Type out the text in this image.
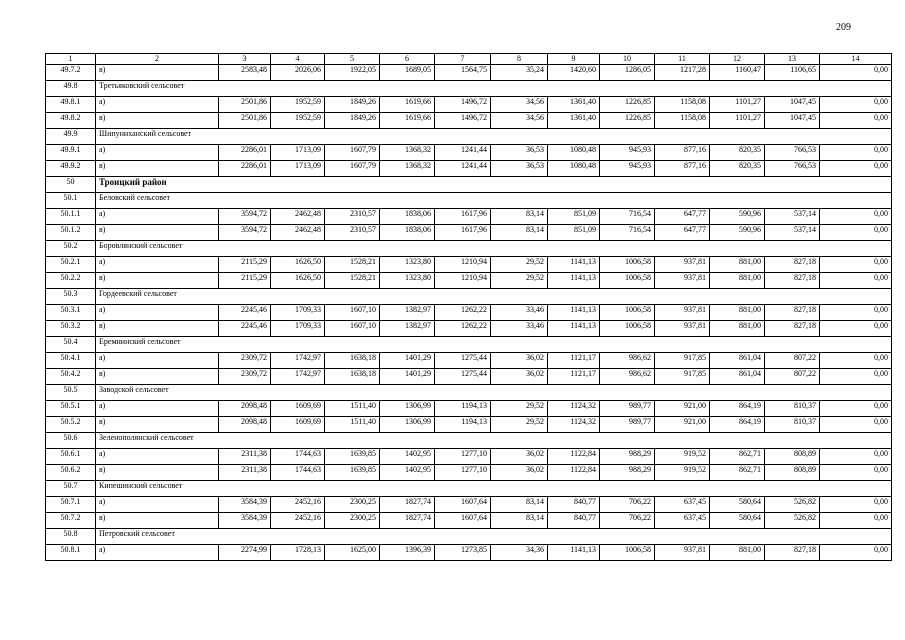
209
1	2	3	4	5	6	7	8	9	10	11	12	13	14
49.7.2	в)	2583,48	2026,06	1922,05	1689,05	1564,75	35,24	1420,60	1286,05	1217,28	1160,47	1106,65	0,00
49.8	Третьяковский сельсовет												
49.8.1	а)	2501,86	1952,59	1849,26	1619,66	1496,72	34,56	1361,40	1226,85	1158,08	1101,27	1047,45	0,00
49.8.2	в)	2501,86	1952,59	1849,26	1619,66	1496,72	34,56	1361,40	1226,85	1158,08	1101,27	1047,45	0,00
49.9	Шипуниханский сельсовет												
49.9.1	а)	2286,01	1713,09	1607,79	1368,32	1241,44	36,53	1080,48	945,93	877,16	820,35	766,53	0,00
49.9.2	в)	2286,01	1713,09	1607,79	1368,32	1241,44	36,53	1080,48	945,93	877,16	820,35	766,53	0,00
50	Троицкий район												
50.1	Беловский сельсовет												
50.1.1	а)	3594,72	2462,48	2310,57	1838,06	1617,96	83,14	851,09	716,54	647,77	590,96	537,14	0,00
50.1.2	в)	3594,72	2462,48	2310,57	1838,06	1617,96	83,14	851,09	716,54	647,77	590,96	537,14	0,00
50.2	Боровлянский сельсовет												
50.2.1	а)	2115,29	1626,50	1528,21	1323,80	1210,94	29,52	1141,13	1006,58	937,81	881,00	827,18	0,00
50.2.2	в)	2115,29	1626,50	1528,21	1323,80	1210,94	29,52	1141,13	1006,58	937,81	881,00	827,18	0,00
50.3	Гордеевский сельсовет												
50.3.1	а)	2245,46	1709,33	1607,10	1382,97	1262,22	33,46	1141,13	1006,58	937,81	881,00	827,18	0,00
50.3.2	в)	2245,46	1709,33	1607,10	1382,97	1262,22	33,46	1141,13	1006,58	937,81	881,00	827,18	0,00
50.4	Еремнинский сельсовет												
50.4.1	а)	2309,72	1742,97	1638,18	1401,29	1275,44	36,02	1121,17	986,62	917,85	861,04	807,22	0,00
50.4.2	в)	2309,72	1742,97	1638,18	1401,29	1275,44	36,02	1121,17	986,62	917,85	861,04	807,22	0,00
50.5	Заводской сельсовет												
50.5.1	а)	2098,48	1609,69	1511,40	1306,99	1194,13	29,52	1124,32	989,77	921,00	864,19	810,37	0,00
50.5.2	в)	2098,48	1609,69	1511,40	1306,99	1194,13	29,52	1124,32	989,77	921,00	864,19	810,37	0,00
50.6	Зеленополянский сельсовет												
50.6.1	а)	2311,38	1744,63	1639,85	1402,95	1277,10	36,02	1122,84	988,29	919,52	862,71	808,89	0,00
50.6.2	в)	2311,38	1744,63	1639,85	1402,95	1277,10	36,02	1122,84	988,29	919,52	862,71	808,89	0,00
50.7	Кипешинский сельсовет												
50.7.1	а)	3584,39	2452,16	2300,25	1827,74	1607,64	83,14	840,77	706,22	637,45	580,64	526,82	0,00
50.7.2	в)	3584,39	2452,16	2300,25	1827,74	1607,64	83,14	840,77	706,22	637,45	580,64	526,82	0,00
50.8	Петровский сельсовет												
50.8.1	а)	2274,99	1728,13	1625,00	1396,39	1273,85	34,36	1141,13	1006,58	937,81	881,00	827,18	0,00
